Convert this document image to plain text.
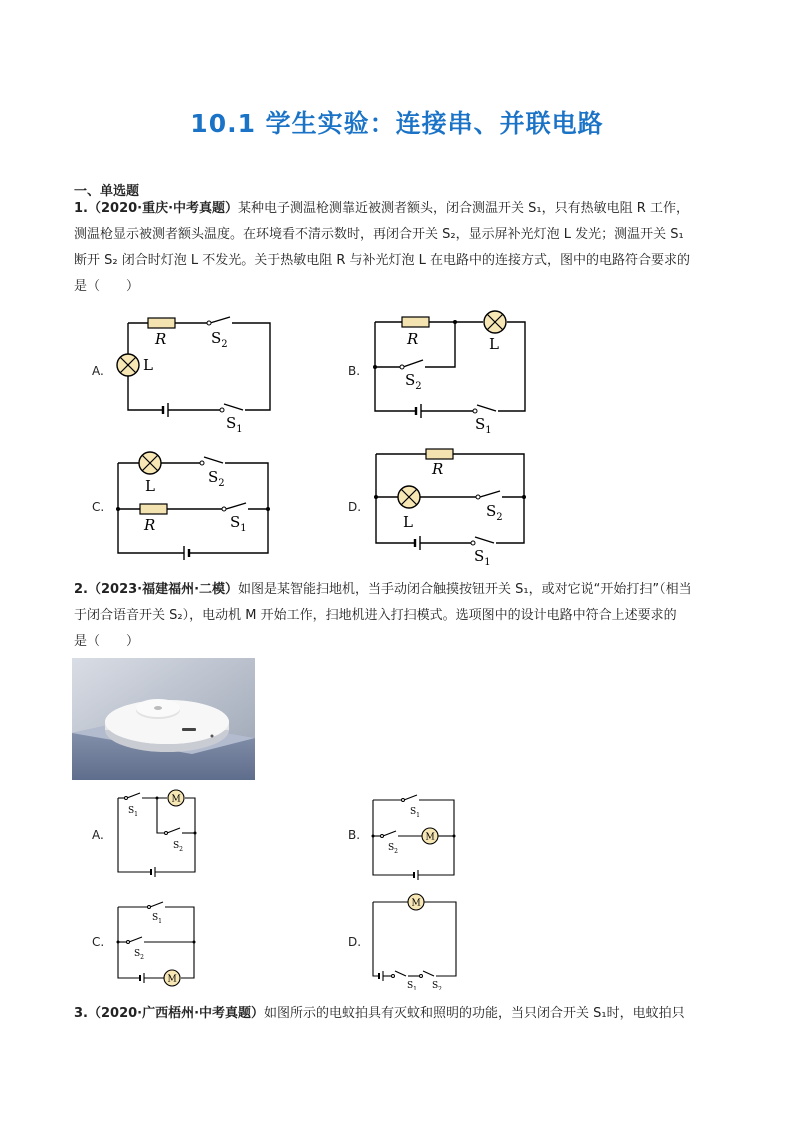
10.1 学生实验：连接串、并联电路
一、单选题
1.（2020·重庆·中考真题）某种电子测温枪测靠近被测者额头，闭合测温开关 S₁，只有热敏电阻 R 工作，
测温枪显示被测者额头温度。在环境看不清示数时，再闭合开关 S₂，显示屏补光灯泡 L 发光；测温开关 S₁
断开 S₂ 闭合时灯泡 L 不发光。关于热敏电阻 R 与补光灯泡 L 在电路中的连接方式，图中的电路符合要求的
是（　　）
A.	B.
C.	D.
R	$S_2$
L
$S_1$
R	L
$S_2$
$S_1$
L	$S_2$
R	$S_1$
R
L
$S_2$
$S_1$
2.（2023·福建福州·二模）如图是某智能扫地机，当手动闭合触摸按钮开关 S₁，或对它说“开始打扫”（相当
于闭合语音开关 S₂），电动机 M 开始工作，扫地机进入打扫模式。选项图中的设计电路中符合上述要求的
是（　　）
A.	B.
C.	D.
M
$S_1$
$S_2$
M
$S_1$
$S_2$
M
$S_1$
$S_2$
M
$S_1$ $S_2$
3.（2020·广西梧州·中考真题）如图所示的电蚊拍具有灭蚊和照明的功能，当只闭合开关 S₁时，电蚊拍只
